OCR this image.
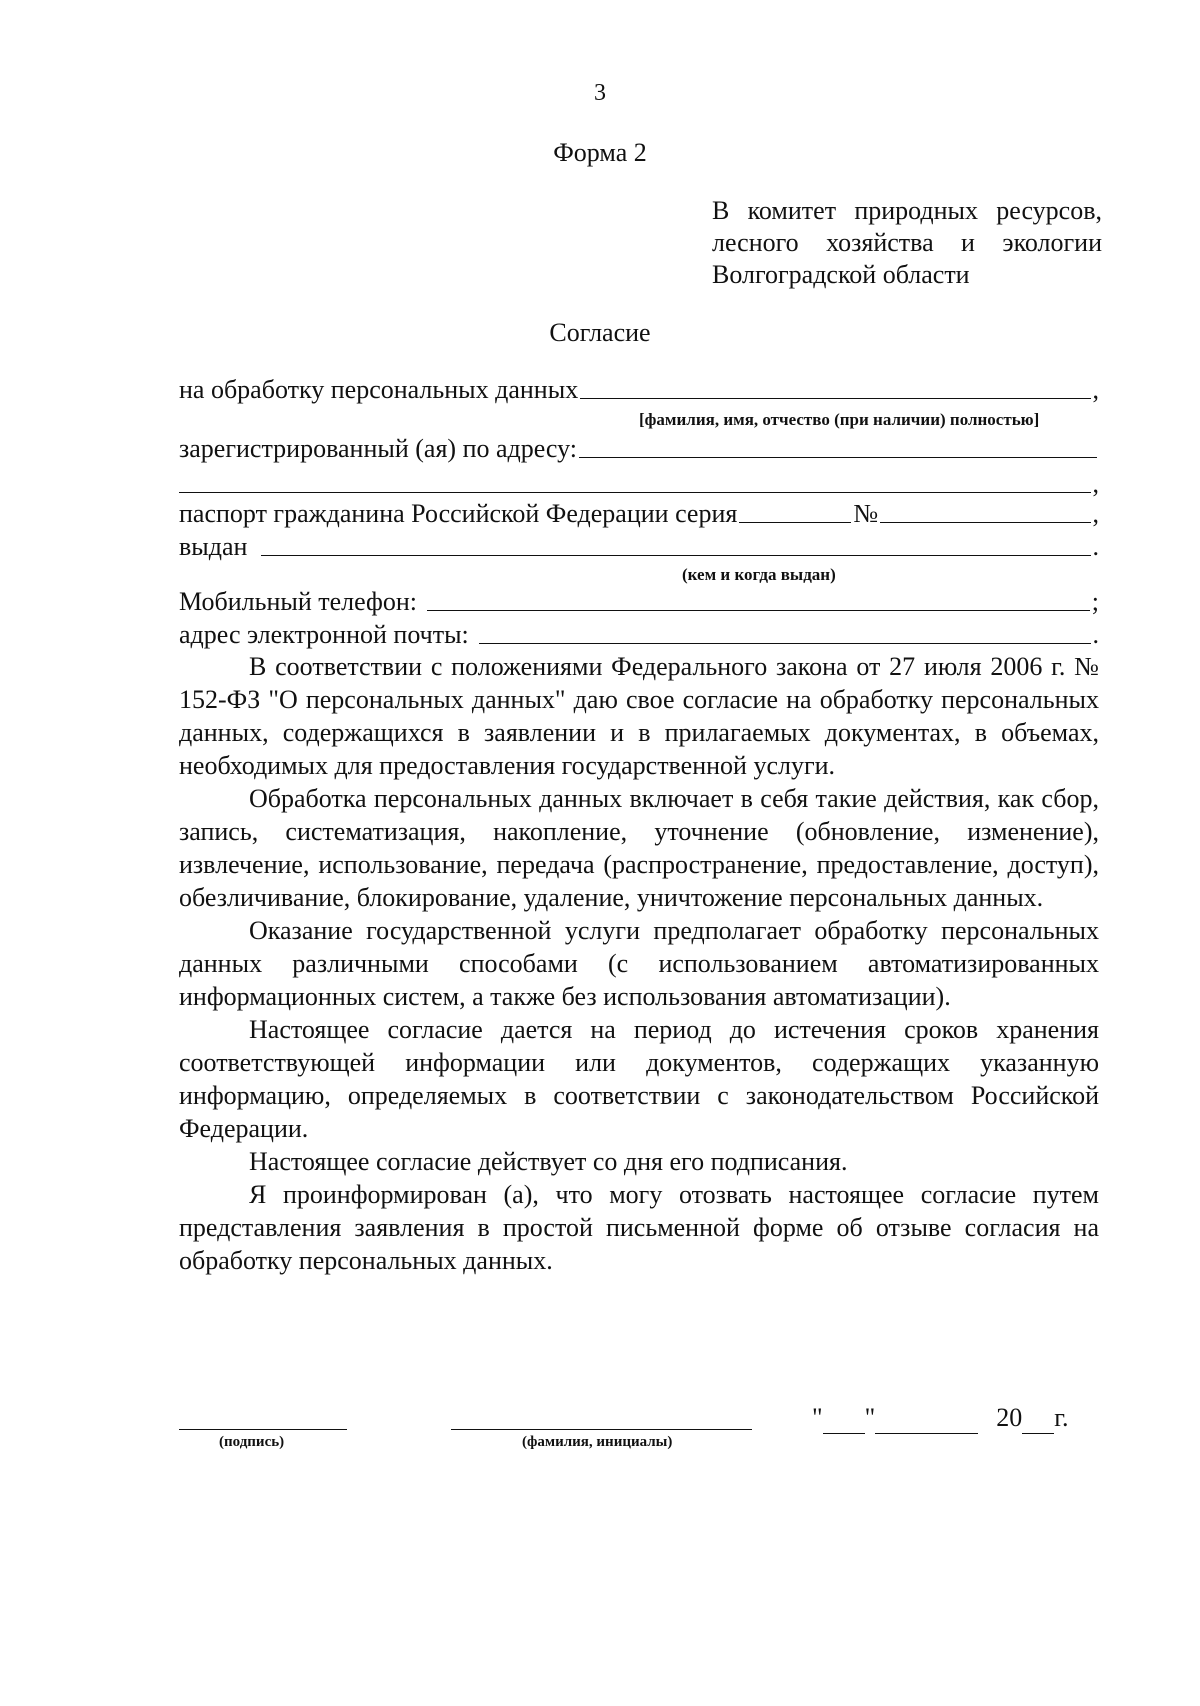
3
Форма 2
В комитет природных ресурсов,
лесного хозяйства и экологии
Волгоградской области
Согласие
на обработку персональных данных	,
[фамилия, имя, отчество (при наличии) полностью]
зарегистрированный (ая) по адресу:
,
паспорт гражданина Российской Федерации серия	№	,
выдан	.
(кем и когда выдан)
Мобильный телефон:	;
адрес электронной почты:	.

В соответствии с положениями Федерального закона от 27 июля 2006 г. № 152-ФЗ "О персональных данных" даю свое согласие на обработку персональных данных, содержащихся в заявлении и в прилагаемых документах, в объемах, необходимых для предоставления государственной услуги.

Обработка персональных данных включает в себя такие действия, как сбор, запись, систематизация, накопление, уточнение (обновление, изменение), извлечение, использование, передача (распространение, предоставление, доступ), обезличивание, блокирование, удаление, уничтожение персональных данных.

Оказание государственной услуги предполагает обработку персональных данных различными способами (с использованием автоматизированных информационных систем, а также без использования автоматизации).

Настоящее согласие дается на период до истечения сроков хранения соответствующей информации или документов, содержащих указанную информацию, определяемых в соответствии с законодательством Российской Федерации.

Настоящее согласие действует со дня его подписания.

Я проинформирован (а), что могу отозвать настоящее согласие путем представления заявления в простой письменной форме об отзыве согласия на обработку персональных данных.

(подпись)	(фамилия, инициалы)
" "	20 г.
